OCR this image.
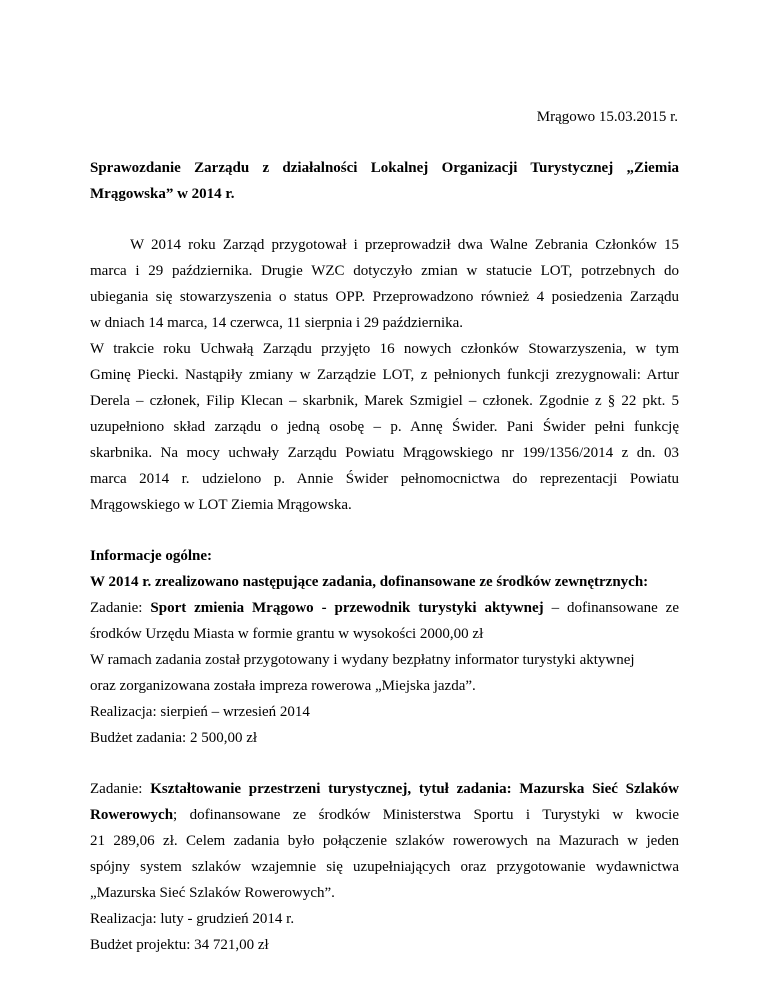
Mrągowo 15.03.2015 r.
Sprawozdanie Zarządu z działalności Lokalnej Organizacji Turystycznej „Ziemia
Mrągowska” w 2014 r.
W 2014 roku Zarząd przygotował i przeprowadził dwa Walne Zebrania Członków 15
marca i 29 października. Drugie WZC dotyczyło zmian w statucie LOT, potrzebnych do
ubiegania się stowarzyszenia o status OPP. Przeprowadzono również 4 posiedzenia Zarządu
w dniach 14 marca, 14 czerwca, 11 sierpnia i 29 października.
W trakcie roku Uchwałą Zarządu przyjęto 16 nowych członków Stowarzyszenia, w tym
Gminę Piecki. Nastąpiły zmiany w Zarządzie LOT, z pełnionych funkcji zrezygnowali: Artur
Derela – członek, Filip Klecan – skarbnik, Marek Szmigiel – członek. Zgodnie z § 22 pkt. 5
uzupełniono skład zarządu o jedną osobę – p. Annę Świder. Pani Świder pełni funkcję
skarbnika. Na mocy uchwały Zarządu Powiatu Mrągowskiego nr 199/1356/2014 z dn. 03
marca 2014 r. udzielono p. Annie Świder pełnomocnictwa do reprezentacji Powiatu
Mrągowskiego w LOT Ziemia Mrągowska.
Informacje ogólne:
W 2014 r. zrealizowano następujące zadania, dofinansowane ze środków zewnętrznych:
Zadanie: Sport zmienia Mrągowo - przewodnik turystyki aktywnej – dofinansowane ze
środków Urzędu Miasta w formie grantu w wysokości 2000,00 zł
W ramach zadania został przygotowany i wydany bezpłatny informator turystyki aktywnej
oraz zorganizowana została impreza rowerowa „Miejska jazda”.
Realizacja: sierpień – wrzesień 2014
Budżet zadania: 2 500,00 zł
Zadanie: Kształtowanie przestrzeni turystycznej, tytuł zadania: Mazurska Sieć Szlaków
Rowerowych; dofinansowane ze środków Ministerstwa Sportu i Turystyki w kwocie
21 289,06 zł. Celem zadania było połączenie szlaków rowerowych na Mazurach w jeden
spójny system szlaków wzajemnie się uzupełniających oraz przygotowanie wydawnictwa
„Mazurska Sieć Szlaków Rowerowych”.
Realizacja: luty - grudzień 2014 r.
Budżet projektu: 34 721,00 zł
